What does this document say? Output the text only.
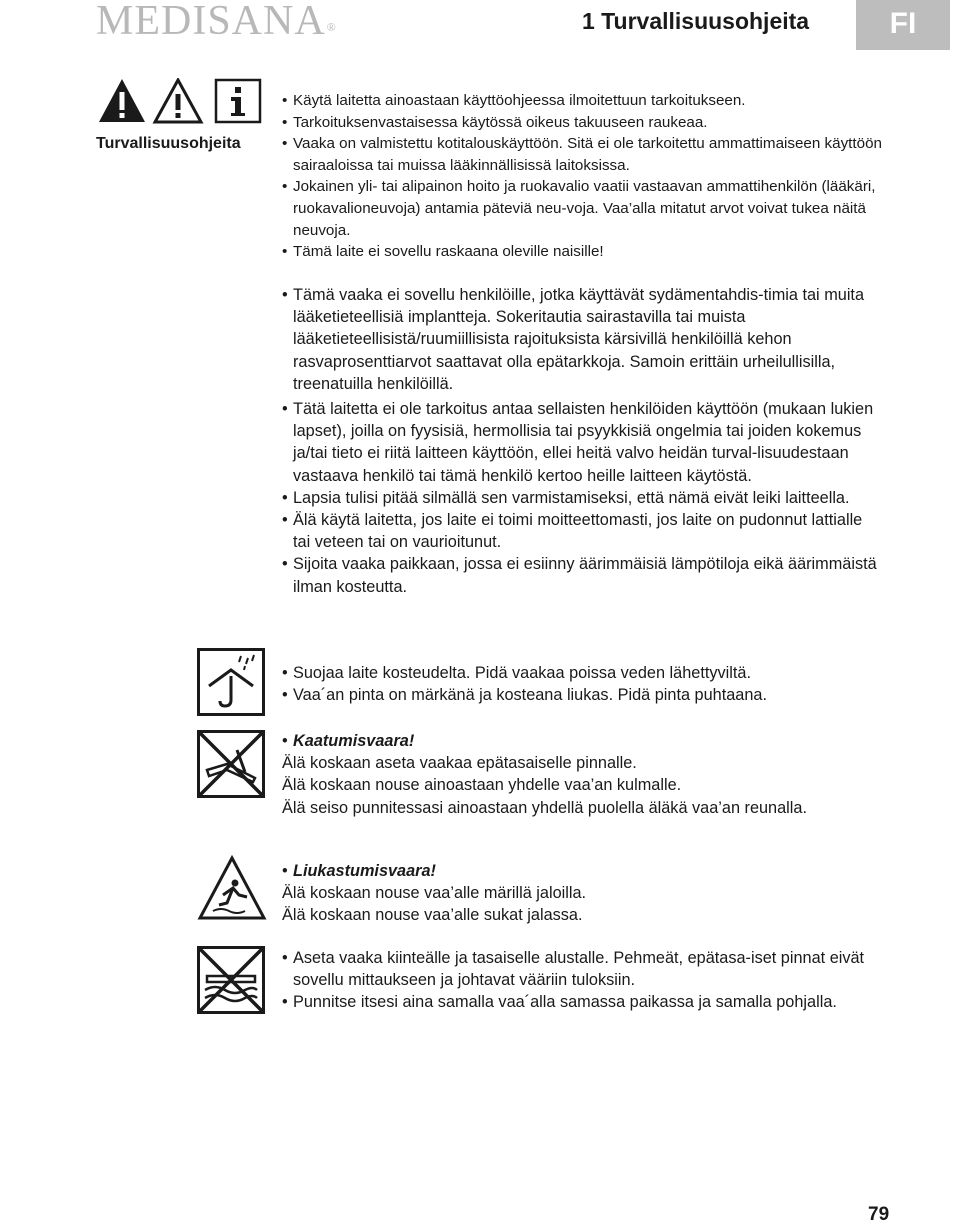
MEDISANA®	1 Turvallisuusohjeita	FI
Turvallisuusohjeita

• Käytä laitetta ainoastaan käyttöohjeessa ilmoitettuun tarkoitukseen.

• Tarkoituksenvastaisessa käytössä oikeus takuuseen raukeaa.

• Vaaka on valmistettu kotitalouskäyttöön. Sitä ei ole tarkoitettu ammattimaiseen käyttöön sairaaloissa tai muissa lääkinnällisissä laitoksissa.

• Jokainen yli- tai alipainon hoito ja ruokavalio vaatii vastaavan ammattihenkilön (lääkäri, ruokavalioneuvoja) antamia päteviä neu-voja. Vaa’alla mitatut arvot voivat tukea näitä neuvoja.

• Tämä laite ei sovellu raskaana oleville naisille!

• Tämä vaaka ei sovellu henkilöille, jotka käyttävät sydämentahdis-timia tai muita lääketieteellisiä implantteja. Sokeritautia sairastavilla tai muista lääketieteellisistä/ruumiillisista rajoituksista kärsivillä henkilöillä kehon rasvaprosenttiarvot saattavat olla epätarkkoja. Samoin erittäin urheilullisilla, treenatuilla henkilöillä.

• Tätä laitetta ei ole tarkoitus antaa sellaisten henkilöiden käyttöön (mukaan lukien lapset), joilla on fyysisiä, hermollisia tai psyykkisiä ongelmia tai joiden kokemus ja/tai tieto ei riitä laitteen käyttöön, ellei heitä valvo heidän turval-lisuudestaan vastaava henkilö tai tämä henkilö kertoo heille laitteen käytöstä.

• Lapsia tulisi pitää silmällä sen varmistamiseksi, että nämä eivät leiki laitteella.

• Älä käytä laitetta, jos laite ei toimi moitteettomasti, jos laite on pudonnut lattialle tai veteen tai on vaurioitunut.

• Sijoita vaaka paikkaan, jossa ei esiinny äärimmäisiä lämpötiloja eikä äärimmäistä ilman kosteutta.

• Suojaa laite kosteudelta. Pidä vaakaa poissa veden lähettyviltä.

• Vaa´an pinta on märkänä ja kosteana liukas. Pidä pinta puhtaana.

• Kaatumisvaara!

Älä koskaan aseta vaakaa epätasaiselle pinnalle.

Älä koskaan nouse ainoastaan yhdelle vaa’an kulmalle.

Älä seiso punnitessasi ainoastaan yhdellä puolella äläkä vaa’an reunalla.

• Liukastumisvaara!

Älä koskaan nouse vaa’alle märillä jaloilla.

Älä koskaan nouse vaa’alle sukat jalassa.

• Aseta vaaka kiinteälle ja tasaiselle alustalle. Pehmeät, epätasa-iset pinnat eivät sovellu mittaukseen ja johtavat vääriin tuloksiin.

• Punnitse itsesi aina samalla vaa´alla samassa paikassa ja samalla pohjalla.

79
